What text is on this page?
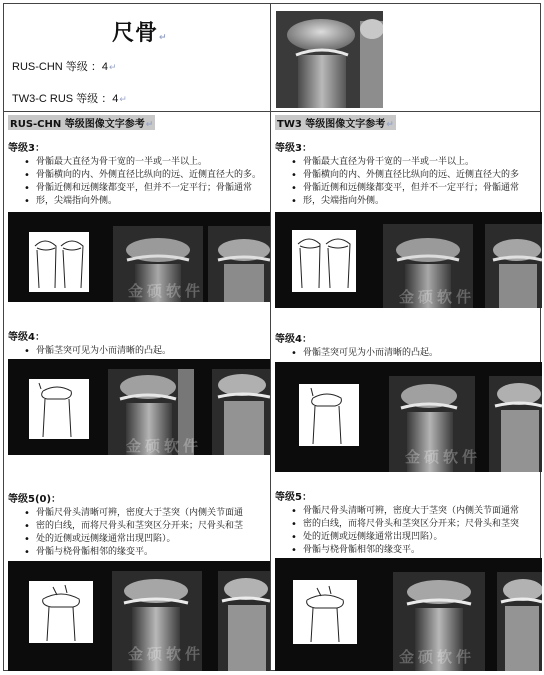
尺骨↵
RUS-CHN 等级 ：4↵
TW3-C RUS 等级 ：4↵
RUS-CHN 等级图像文字参考↵
等级3：
• 骨骺最大直径为骨干宽的一半或一半以上。
• 骨骺横向的内、外侧直径比纵向的远、近侧直径大的多。
• 骨骺近侧和远侧缘都变平，但并不一定平行；骨骺通常
• 形，尖端指向外侧。
金硕软件
等级4：
• 骨骺茎突可见为小而清晰的凸起。
金硕软件
等级5(0)：
• 骨骺尺骨头清晰可辨，密度大于茎突（内侧关节面通
• 密的白线，而将尺骨头和茎突区分开来；尺骨头和茎
• 处的近侧或远侧缘通常出现凹陷）。
• 骨骺与桡骨骺相邻的缘变平。
金硕软件
TW3 等级图像文字参考↵
等级3：
• 骨骺最大直径为骨干宽的一半或一半以上。
• 骨骺横向的内、外侧直径比纵向的远、近侧直径大的多
• 骨骺近侧和远侧缘都变平，但并不一定平行；骨骺通常
• 形，尖端指向外侧。
金硕软件
等级4：
• 骨骺茎突可见为小而清晰的凸起。
金硕软件
等级5：
• 骨骺尺骨头清晰可辨，密度大于茎突（内侧关节面通常
• 密的白线，而将尺骨头和茎突区分开来；尺骨头和茎突
• 处的近侧或远侧缘通常出现凹陷）。
• 骨骺与桡骨骺相邻的缘变平。
金硕软件
